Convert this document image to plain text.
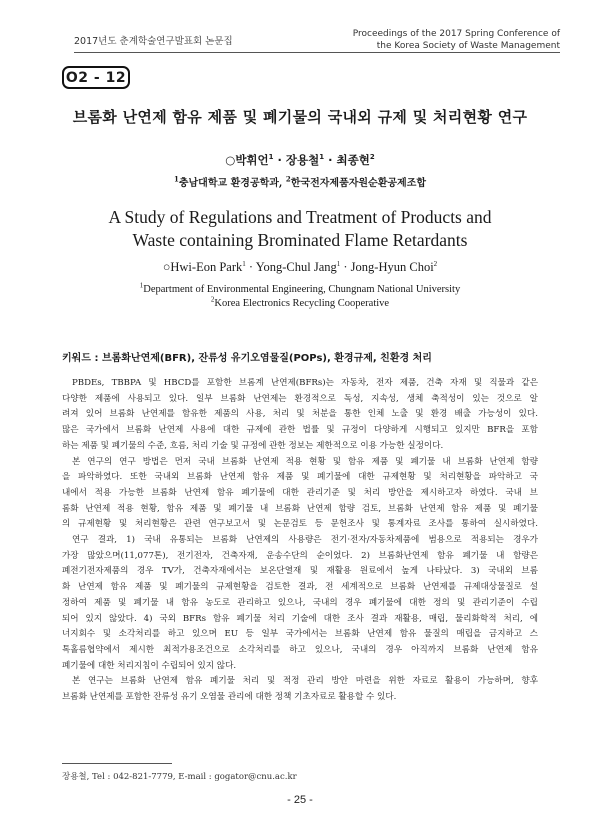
2017년도 춘계학술연구발표회 논문집
Proceedings of the 2017 Spring Conference of
the Korea Society of Waste Management
O2 - 12
브롬화 난연제 함유 제품 및 폐기물의 국내외 규제 및 처리현황 연구
○박휘언$^1$ · 장용철$^1$ · 최종현$^2$
$^1$충남대학교 환경공학과, $^2$한국전자제품자원순환공제조합
A Study of Regulations and Treatment of Products and
Waste containing Brominated Flame Retardants
○Hwi-Eon Park$^1$ · Yong-Chul Jang$^1$ · Jong-Hyun Choi$^2$
$^1$Department of Environmental Engineering, Chungnam National University
$^2$Korea Electronics Recycling Cooperative
키워드 : 브롬화난연제(BFR), 잔류성 유기오염물질(POPs), 환경규제, 친환경 처리
PBDEs, TBBPA 및 HBCD를 포함한 브롬계 난연제(BFRs)는 자동차, 전자 제품, 건축 자재 및 직물과 같은
다양한 제품에 사용되고 있다. 일부 브롬화 난연제는 환경적으로 독성, 지속성, 생체 축적성이 있는 것으로 알
려져 있어 브롬화 난연제를 함유한 제품의 사용, 처리 및 처분을 통한 인체 노출 및 환경 배출 가능성이 있다.
많은 국가에서 브롬화 난연제 사용에 대한 규제에 관한 법률 및 규정이 다양하게 시행되고 있지만 BFR을 포함
하는 제품 및 폐기물의 수준, 흐름, 처리 기술 및 규정에 관한 정보는 제한적으로 이용 가능한 실정이다.
본 연구의 연구 방법은 먼저 국내 브롬화 난연제 적용 현황 및 함유 제품 및 폐기물 내 브롬화 난연제 함량
을 파악하였다. 또한 국내외 브롬화 난연제 함유 제품 및 폐기물에 대한 규제현황 및 처리현황을 파악하고 국
내에서 적용 가능한 브롬화 난연제 함유 폐기물에 대한 관리기준 및 처리 방안을 제시하고자 하였다. 국내 브
롬화 난연제 적용 현황, 함유 제품 및 폐기물 내 브롬화 난연제 함량 검토, 브롬화 난연제 함유 제품 및 폐기물
의 규제현황 및 처리현황은 관련 연구보고서 및 논문검토 등 문헌조사 및 통계자료 조사를 통하여 실시하였다.
연구 결과, 1) 국내 유통되는 브롬화 난연제의 사용량은 전기·전자/자동차제품에 범용으로 적용되는 경우가
가장 많았으며(11,077톤), 전기전자, 건축자재, 운송수단의 순이었다. 2) 브롬화난연제 함유 폐기물 내 함량은
폐전기전자제품의 경우 TV가, 건축자재에서는 보온단열재 및 재활용 원료에서 높게 나타났다. 3) 국내외 브롬
화 난연제 함유 제품 및 폐기물의 규제현황을 검토한 결과, 전 세계적으로 브롬화 난연제를 규제대상물질로 설
정하여 제품 및 폐기물 내 함유 농도로 관리하고 있으나, 국내의 경우 폐기물에 대한 정의 및 관리기준이 수립
되어 있지 않았다. 4) 국외 BFRs 함유 폐기물 처리 기술에 대한 조사 결과 재활용, 매립, 물리화학적 처리, 에
너지회수 및 소각처리를 하고 있으며 EU 등 일부 국가에서는 브롬화 난연제 함유 물질의 매립을 금지하고 스
톡홀름협약에서 제시한 최적가용조건으로 소각처리를 하고 있으나, 국내의 경우 아직까지 브롬화 난연제 함유
폐기물에 대한 처리지침이 수립되어 있지 않다.
본 연구는 브롬화 난연제 함유 폐기물 처리 및 적정 관리 방안 마련을 위한 자료로 활용이 가능하며, 향후
브롬화 난연제를 포함한 잔류성 유기 오염물 관리에 대한 정책 기초자료로 활용할 수 있다.
장용철, Tel : 042-821-7779, E-mail : gogator@cnu.ac.kr
- 25 -
